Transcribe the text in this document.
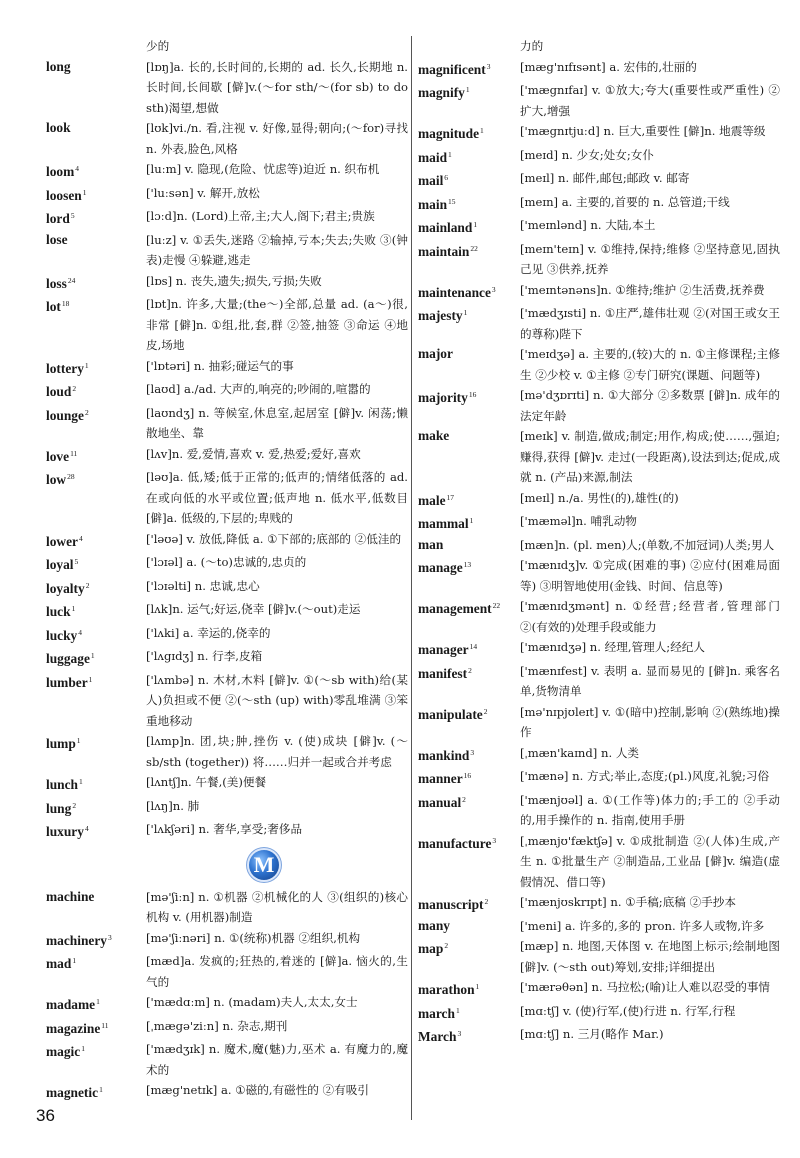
少的
long	[lɒŋ]a. 长的,长时间的,长期的 ad. 长久,长期地 n. 长时间,长间歇 [僻]v.(～for sth/～(for sb) to do sth)渴望,想做
look	[lʊk]vi./n. 看,注视 v. 好像,显得;朝向;(～for)寻找 n. 外表,脸色,风格
loom$^4$	[luːm] v. 隐现,(危险、忧虑等)迫近 n. 织布机
loosen$^1$	['luːsən] v. 解开,放松
lord$^5$	[lɔːd]n. (Lord)上帝,主;大人,阁下;君主;贵族
lose	[luːz] v. ①丢失,迷路 ②输掉,亏本;失去;失败 ③(钟表)走慢 ④躲避,逃走
loss$^{24}$	[lɒs] n. 丧失,遗失;损失,亏损;失败
lot$^{18}$	[lɒt]n. 许多,大量;(the～)全部,总量 ad. (a～)很,非常 [僻]n. ①组,批,套,群 ②签,抽签 ③命运 ④地皮,场地
lottery$^1$	['lɒtəri] n. 抽彩;碰运气的事
loud$^2$	[laʊd] a./ad. 大声的,响亮的;吵闹的,喧嚣的
lounge$^2$	[laʊndʒ] n. 等候室,休息室,起居室 [僻]v. 闲荡;懒散地坐、靠
love$^{11}$	[lʌv]n. 爱,爱情,喜欢 v. 爱,热爱;爱好,喜欢
low$^{28}$	[ləʊ]a. 低,矮;低于正常的;低声的;情绪低落的 ad. 在或向低的水平或位置;低声地 n. 低水平,低数目 [僻]a. 低级的,下层的;卑贱的
lower$^4$	['ləʊə] v. 放低,降低 a. ①下部的;底部的 ②低洼的
loyal$^5$	['lɔɪəl] a. (～to)忠诚的,忠贞的
loyalty$^2$	['lɔɪəlti] n. 忠诚,忠心
luck$^1$	[lʌk]n. 运气;好运,侥幸 [僻]v.(～out)走运
lucky$^4$	['lʌki] a. 幸运的,侥幸的
luggage$^1$	['lʌgɪdʒ] n. 行李,皮箱
lumber$^1$	['lʌmbə] n. 木材,木料 [僻]v. ①(～sb with)给(某人)负担或不便 ②(～sth (up) with)零乱堆满 ③笨重地移动
lump$^1$	[lʌmp]n. 团,块;肿,挫伤 v. (使)成块 [僻]v. (～sb/sth (together)) 将……归并一起或合并考虑
lunch$^1$	[lʌntʃ]n. 午餐,(美)便餐
lung$^2$	[lʌŋ]n. 肺
luxury$^4$	['lʌkʃəri] n. 奢华,享受;奢侈品
M
machine	[mə'ʃiːn] n. ①机器 ②机械化的人 ③(组织的)核心机构 v. (用机器)制造
machinery$^3$	[mə'ʃiːnəri] n. ①(统称)机器 ②组织,机构
mad$^1$	[mæd]a. 发疯的;狂热的,着迷的 [僻]a. 恼火的,生气的
madame$^1$	['mædɑːm] n. (madam)夫人,太太,女士
magazine$^{11}$	[ˌmægə'ziːn] n. 杂志,期刊
magic$^1$	['mædʒɪk] n. 魔术,魔(魅)力,巫术 a. 有魔力的,魔术的
magnetic$^1$	[mæg'netɪk] a. ①磁的,有磁性的 ②有吸引
力的
magnificent$^3$	[mæg'nɪfɪsənt] a. 宏伟的,壮丽的
magnify$^1$	['mægnɪfaɪ] v. ①放大;夸大(重要性或严重性) ②扩大,增强
magnitude$^1$	['mægnɪtjuːd] n. 巨大,重要性 [僻]n. 地震等级
maid$^1$	[meɪd] n. 少女;处女;女仆
mail$^6$	[meɪl] n. 邮件,邮包;邮政 v. 邮寄
main$^{15}$	[meɪn] a. 主要的,首要的 n. 总管道;干线
mainland$^1$	['meɪnlənd] n. 大陆,本土
maintain$^{22}$	[meɪn'teɪn] v. ①维持,保持;维修 ②坚持意见,固执己见 ③供养,抚养
maintenance$^3$	['meɪntənəns]n. ①维持;维护 ②生活费,抚养费
majesty$^1$	['mædʒɪsti] n. ①庄严,雄伟壮观 ②(对国王或女王的尊称)陛下
major	['meɪdʒə] a. 主要的,(较)大的 n. ①主修课程;主修生 ②少校 v. ①主修 ②专门研究(课题、问题等)
majority$^{16}$	[mə'dʒɒrɪti] n. ①大部分 ②多数票 [僻]n. 成年的法定年龄
make	[meɪk] v. 制造,做成;制定;用作,构成;使……,强迫;赚得,获得 [僻]v. 走过(一段距离),设法到达;促成,成就 n. (产品)来源,制法
male$^{17}$	[meɪl] n./a. 男性(的),雄性(的)
mammal$^1$	['mæməl]n. 哺乳动物
man	[mæn]n. (pl. men)人;(单数,不加冠词)人类;男人
manage$^{13}$	['mænɪdʒ]v. ①完成(困难的事) ②应付(困难局面等) ③明智地使用(金钱、时间、信息等)
management$^{22}$	['mænɪdʒmənt] n. ①经营;经营者,管理部门 ②(有效的)处理手段或能力
manager$^{14}$	['mænɪdʒə] n. 经理,管理人;经纪人
manifest$^2$	['mænɪfest] v. 表明 a. 显而易见的 [僻]n. 乘客名单,货物清单
manipulate$^2$	[mə'nɪpjʊleɪt] v. ①(暗中)控制,影响 ②(熟练地)操作
mankind$^3$	[ˌmæn'kaɪnd] n. 人类
manner$^{16}$	['mænə] n. 方式;举止,态度;(pl.)风度,礼貌;习俗
manual$^2$	['mænjʊəl] a. ①(工作等)体力的;手工的 ②手动的,用手操作的 n. 指南,使用手册
manufacture$^3$	[ˌmænjʊ'fæktʃə] v. ①成批制造 ②(人体)生成,产生 n. ①批量生产 ②制造品,工业品 [僻]v. 编造(虚假情况、借口等)
manuscript$^2$	['mænjʊskrɪpt] n. ①手稿;底稿 ②手抄本
many	['meni] a. 许多的,多的 pron. 许多人或物,许多
map$^2$	[mæp] n. 地图,天体图 v. 在地图上标示;绘制地图 [僻]v. (～sth out)筹划,安排;详细提出
marathon$^1$	['mærəθən] n. 马拉松;(喻)让人难以忍受的事情
march$^1$	[mɑːtʃ] v. (使)行军,(使)行进 n. 行军,行程
March$^3$	[mɑːtʃ] n. 三月(略作 Mar.)
36
